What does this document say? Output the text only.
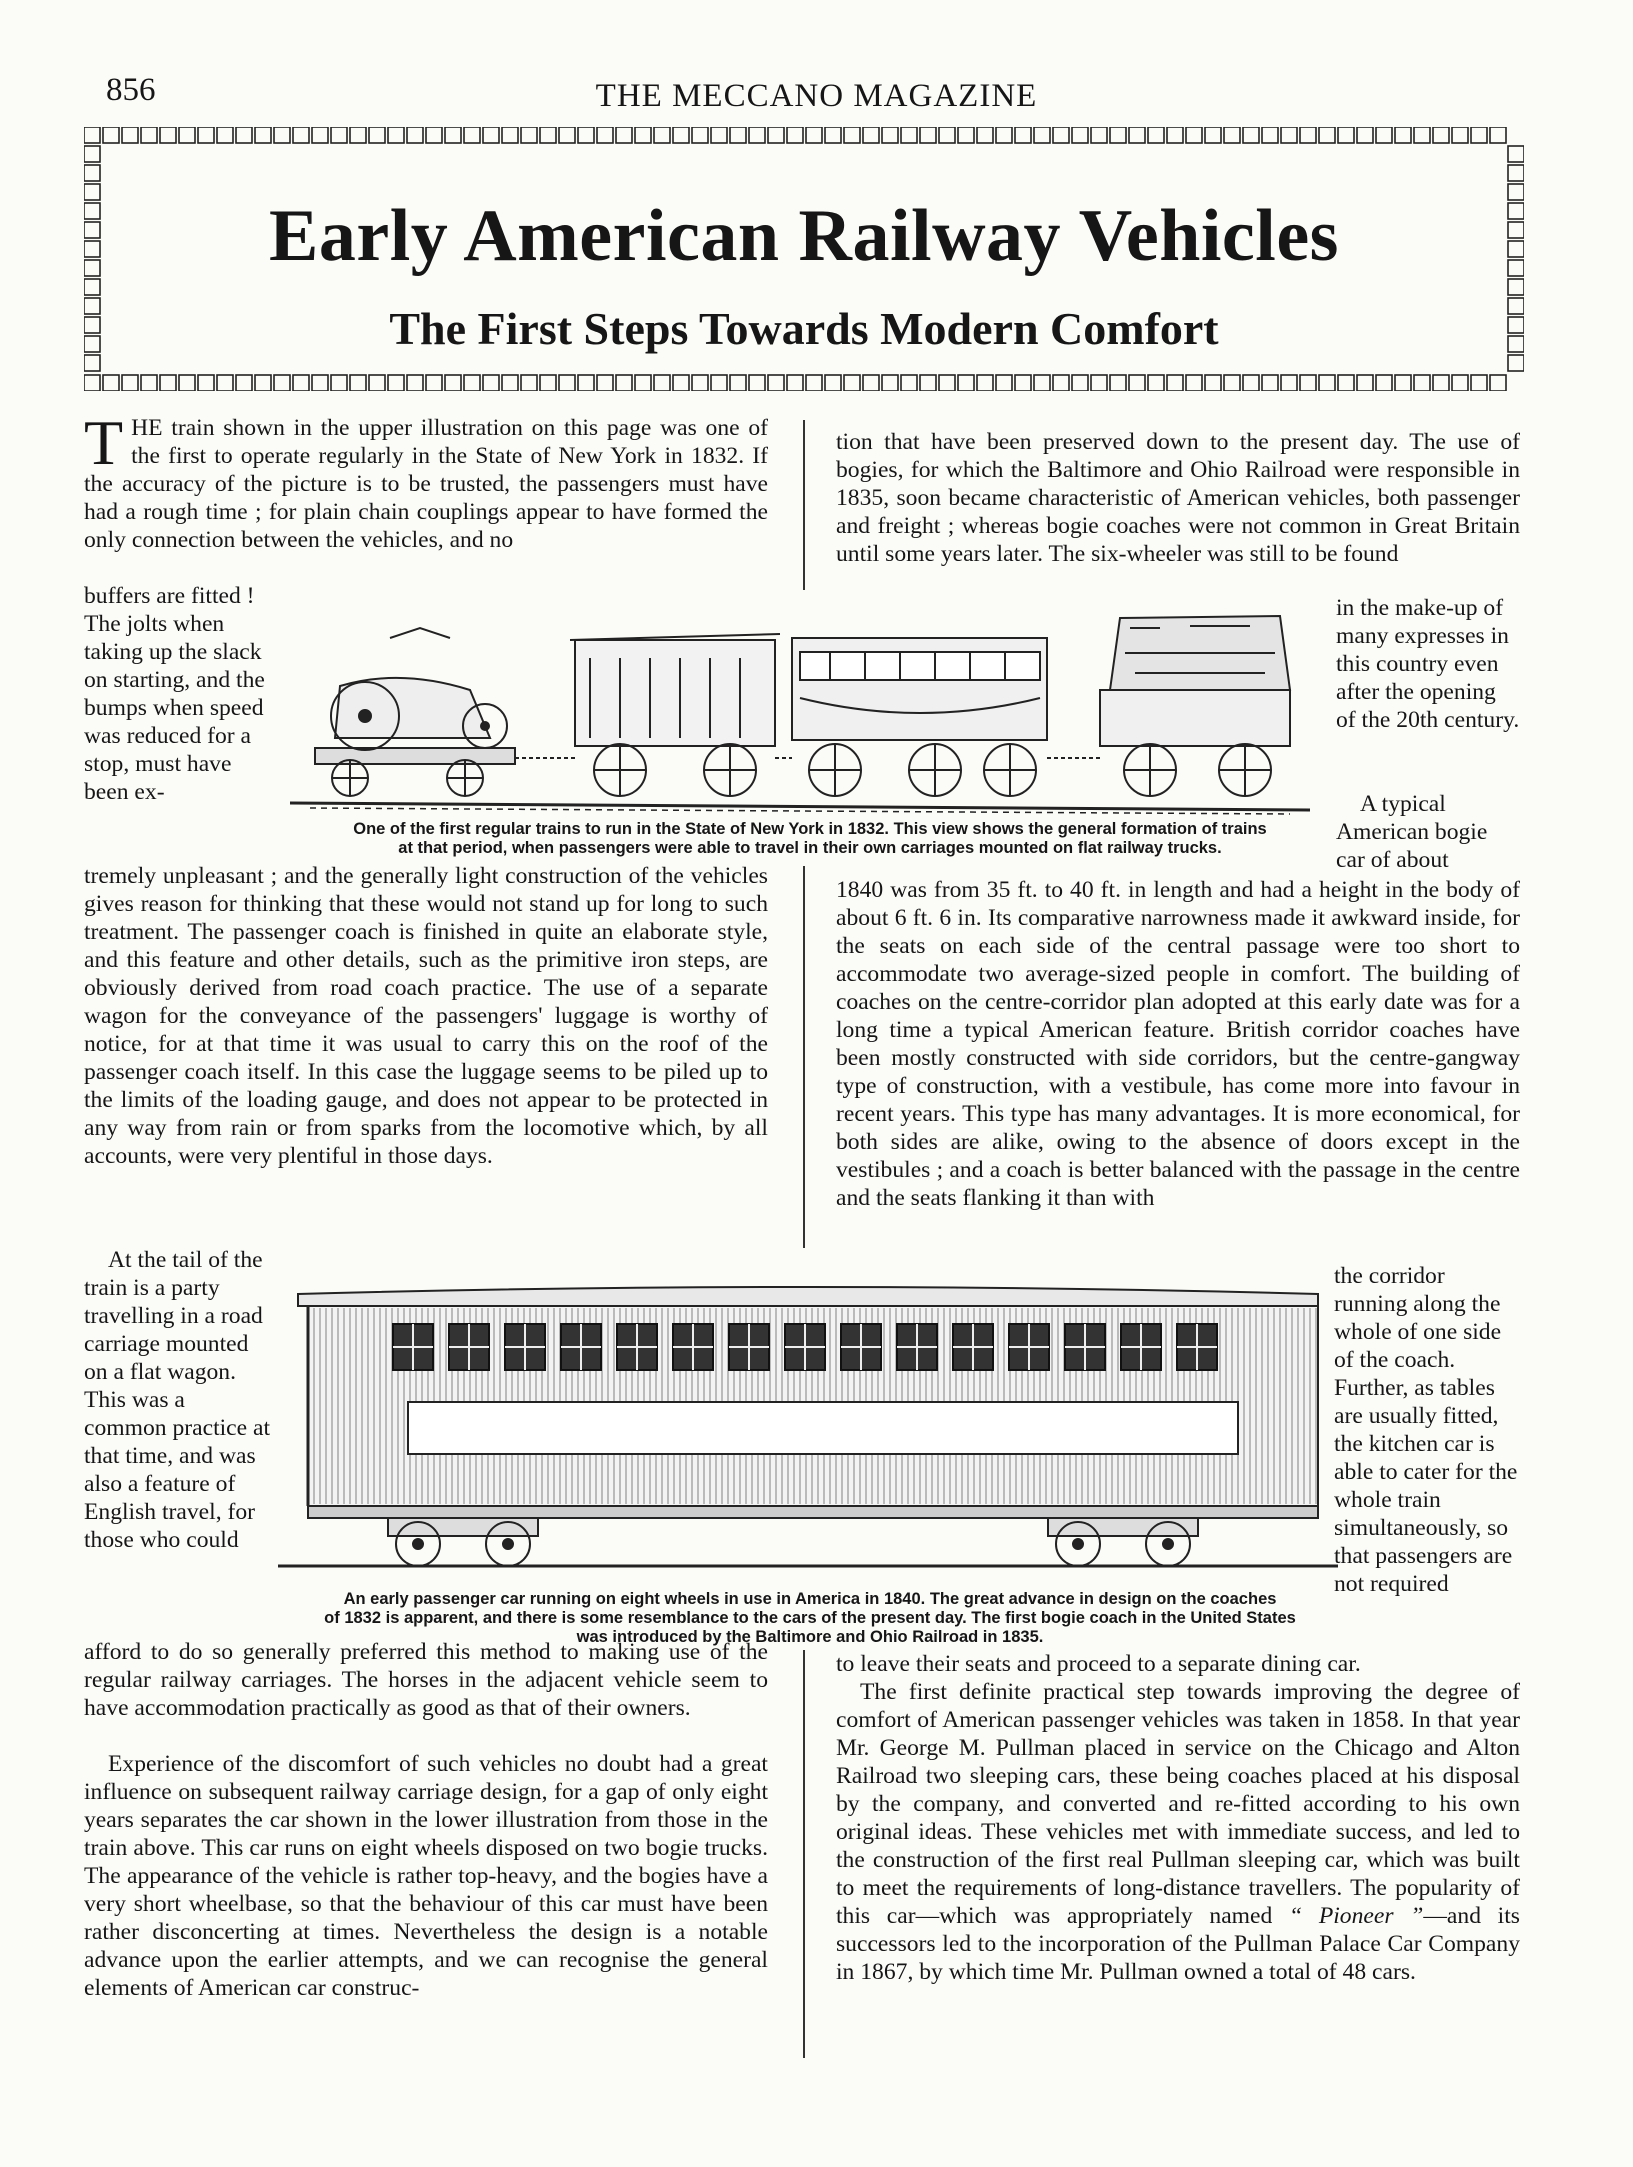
856	THE MECCANO MAGAZINE
Early American Railway Vehicles
The First Steps Towards Modern Comfort
THE train shown in the upper illustration on this page was one of the first to operate regularly in the State of New York in 1832. If the accuracy of the picture is to be trusted, the passengers must have had a rough time ; for plain chain couplings appear to have formed the only connection between the vehicles, and no

buffers are fitted ! The jolts when taking up the slack on starting, and the bumps when speed was reduced for a stop, must have been ex-

tremely unpleasant ; and the generally light construction of the vehicles gives reason for thinking that these would not stand up for long to such treatment. The passenger coach is finished in quite an elaborate style, and this feature and other details, such as the primitive iron steps, are obviously derived from road coach practice. The use of a separate wagon for the conveyance of the passengers' luggage is worthy of notice, for at that time it was usual to carry this on the roof of the passenger coach itself. In this case the luggage seems to be piled up to the limits of the loading gauge, and does not appear to be protected in any way from rain or from sparks from the locomotive which, by all accounts, were very plentiful in those days.

At the tail of the train is a party travelling in a road carriage mounted on a flat wagon. This was a common practice at that time, and was also a feature of English travel, for those who could

afford to do so generally preferred this method to making use of the regular railway carriages. The horses in the adjacent vehicle seem to have accommodation practically as good as that of their owners.

Experience of the discomfort of such vehicles no doubt had a great influence on subsequent railway carriage design, for a gap of only eight years separates the car shown in the lower illustration from those in the train above. This car runs on eight wheels disposed on two bogie trucks. The appearance of the vehicle is rather top-heavy, and the bogies have a very short wheelbase, so that the behaviour of this car must have been rather disconcerting at times. Nevertheless the design is a notable advance upon the earlier attempts, and we can recognise the general elements of American car construc-

tion that have been preserved down to the present day. The use of bogies, for which the Baltimore and Ohio Railroad were responsible in 1835, soon became characteristic of American vehicles, both passenger and freight ; whereas bogie coaches were not common in Great Britain until some years later. The six-wheeler was still to be found

in the make-up of many expresses in this country even after the opening of the 20th century.

A typical American bogie car of about

1840 was from 35 ft. to 40 ft. in length and had a height in the body of about 6 ft. 6 in. Its comparative narrowness made it awkward inside, for the seats on each side of the central passage were too short to accommodate two average-sized people in comfort. The building of coaches on the centre-corridor plan adopted at this early date was for a long time a typical American feature. British corridor coaches have been mostly constructed with side corridors, but the centre-gangway type of construction, with a vestibule, has come more into favour in recent years. This type has many advantages. It is more economical, for both sides are alike, owing to the absence of doors except in the vestibules ; and a coach is better balanced with the passage in the centre and the seats flanking it than with

the corridor running along the whole of one side of the coach. Further, as tables are usually fitted, the kitchen car is able to cater for the whole train simultaneously, so that passengers are not required

to leave their seats and proceed to a separate dining car.

The first definite practical step towards improving the degree of comfort of American passenger vehicles was taken in 1858. In that year Mr. George M. Pullman placed in service on the Chicago and Alton Railroad two sleeping cars, these being coaches placed at his disposal by the company, and converted and re-fitted according to his own original ideas. These vehicles met with immediate success, and led to the construction of the first real Pullman sleeping car, which was built to meet the requirements of long-distance travellers. The popularity of this car—which was appropriately named “ Pioneer ”—and its successors led to the incorporation of the Pullman Palace Car Company in 1867, by which time Mr. Pullman owned a total of 48 cars.

One of the first regular trains to run in the State of New York in 1832. This view shows the general formation of trains
at that period, when passengers were able to travel in their own carriages mounted on flat railway trucks.
An early passenger car running on eight wheels in use in America in 1840. The great advance in design on the coaches
of 1832 is apparent, and there is some resemblance to the cars of the present day. The first bogie coach in the United States
was introduced by the Baltimore and Ohio Railroad in 1835.
